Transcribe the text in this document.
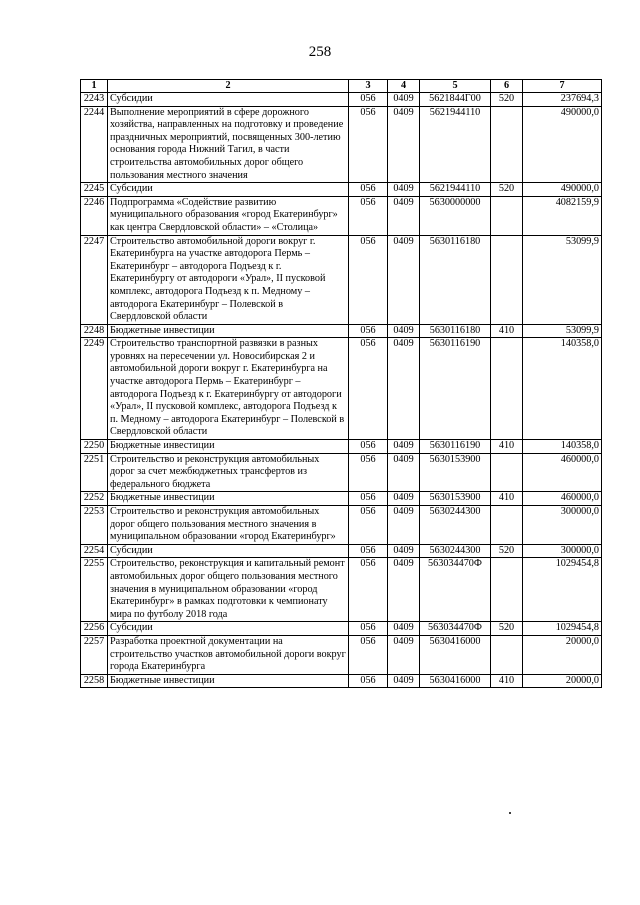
258
1	2	3	4	5	6	7
2243	Субсидии	056	0409	5621844Г00	520	237694,3
2244	Выполнение мероприятий в сфере дорожного хозяйства, направленных на подготовку и проведение праздничных мероприятий, посвященных 300-летию основания города Нижний Тагил, в части строительства автомобильных дорог общего пользования местного значения	056	0409	5621944110		490000,0
2245	Субсидии	056	0409	5621944110	520	490000,0
2246	Подпрограмма «Содействие развитию муниципального образования «город Екатеринбург» как центра Свердловской области» – «Столица»	056	0409	5630000000		4082159,9
2247	Строительство автомобильной дороги вокруг г. Екатеринбурга на участке автодорога Пермь – Екатеринбург – автодорога Подъезд к г. Екатеринбургу от автодороги «Урал», II пусковой комплекс, автодорога Подъезд к п. Медному – автодорога Екатеринбург – Полевской в Свердловской области	056	0409	5630116180		53099,9
2248	Бюджетные инвестиции	056	0409	5630116180	410	53099,9
2249	Строительство транспортной развязки в разных уровнях на пересечении ул. Новосибирская 2 и автомобильной дороги вокруг г. Екатеринбурга на участке автодорога Пермь – Екатеринбург – автодорога Подъезд к г. Екатеринбургу от автодороги «Урал», II пусковой комплекс, автодорога Подъезд к п. Медному – автодорога Екатеринбург – Полевской в Свердловской области	056	0409	5630116190		140358,0
2250	Бюджетные инвестиции	056	0409	5630116190	410	140358,0
2251	Строительство и реконструкция автомобильных дорог за счет межбюджетных трансфертов из федерального бюджета	056	0409	5630153900		460000,0
2252	Бюджетные инвестиции	056	0409	5630153900	410	460000,0
2253	Строительство и реконструкция автомобильных дорог общего пользования местного значения в муниципальном образовании «город Екатеринбург»	056	0409	5630244300		300000,0
2254	Субсидии	056	0409	5630244300	520	300000,0
2255	Строительство, реконструкция и капитальный ремонт автомобильных дорог общего пользования местного значения в муниципальном образовании «город Екатеринбург» в рамках подготовки к чемпионату мира по футболу 2018 года	056	0409	563034470Ф		1029454,8
2256	Субсидии	056	0409	563034470Ф	520	1029454,8
2257	Разработка проектной документации на строительство участков автомобильной дороги вокруг города Екатеринбурга	056	0409	5630416000		20000,0
2258	Бюджетные инвестиции	056	0409	5630416000	410	20000,0
